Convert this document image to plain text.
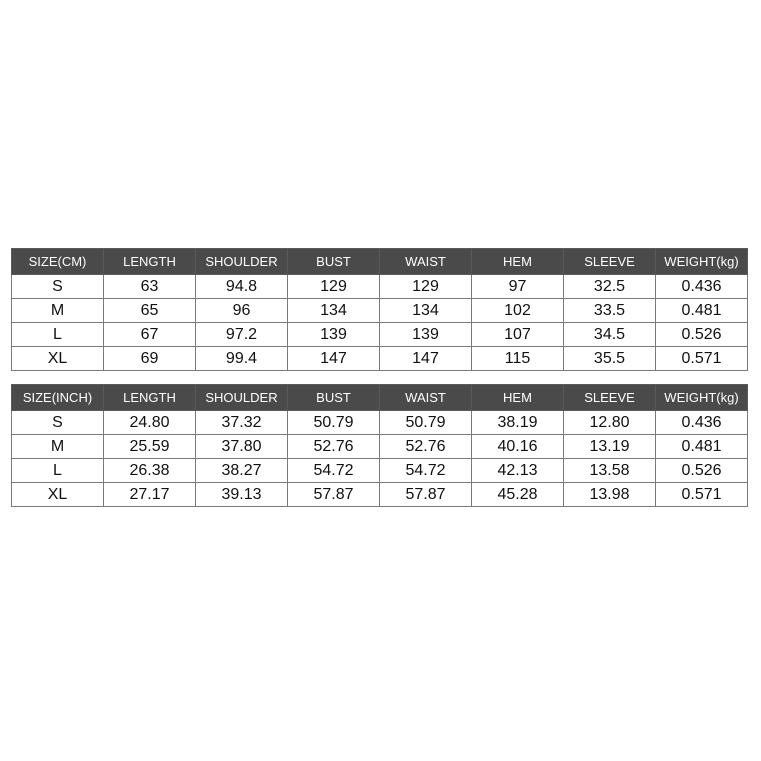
SIZE(CM)	LENGTH	SHOULDER	BUST	WAIST	HEM	SLEEVE	WEIGHT(kg)
S	63	94.8	129	129	97	32.5	0.436
M	65	96	134	134	102	33.5	0.481
L	67	97.2	139	139	107	34.5	0.526
XL	69	99.4	147	147	115	35.5	0.571
SIZE(INCH)	LENGTH	SHOULDER	BUST	WAIST	HEM	SLEEVE	WEIGHT(kg)
S	24.80	37.32	50.79	50.79	38.19	12.80	0.436
M	25.59	37.80	52.76	52.76	40.16	13.19	0.481
L	26.38	38.27	54.72	54.72	42.13	13.58	0.526
XL	27.17	39.13	57.87	57.87	45.28	13.98	0.571
